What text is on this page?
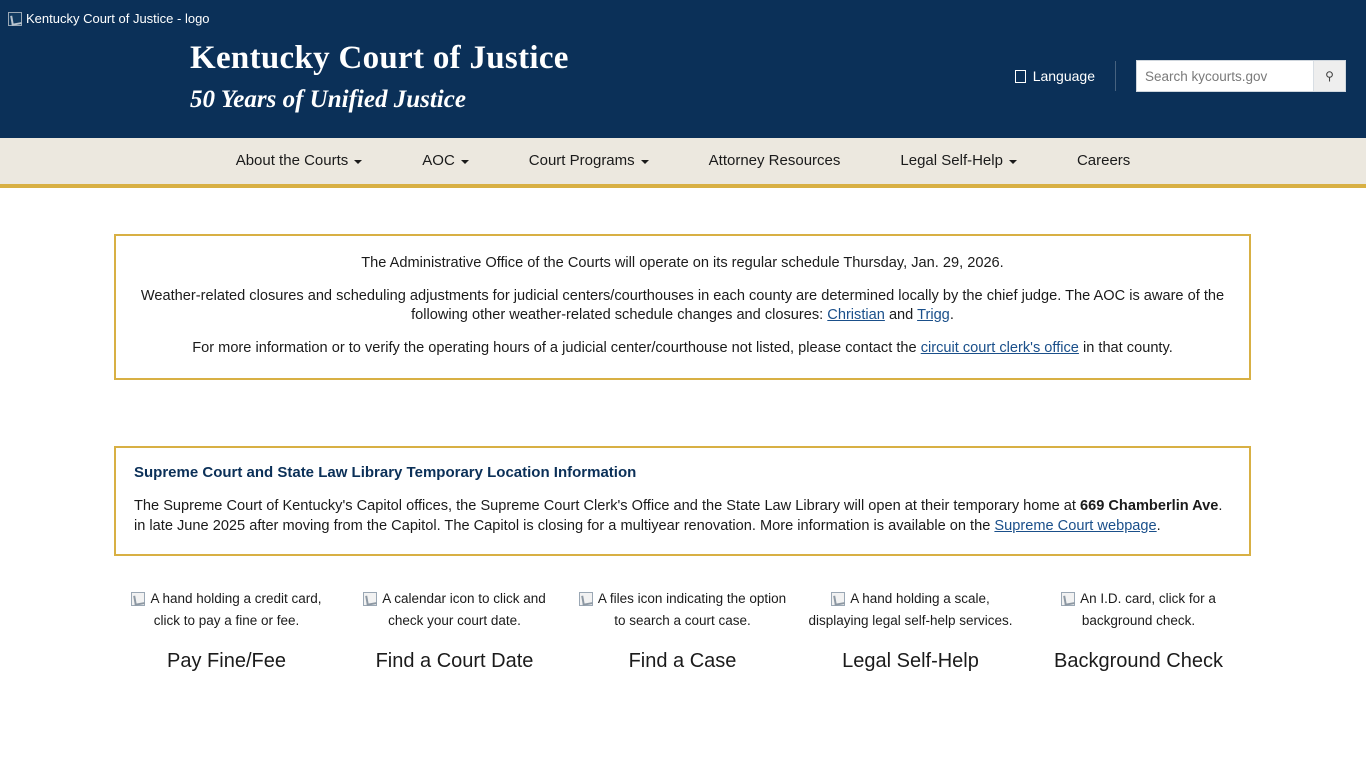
Kentucky Court of Justice - logo
Kentucky Court of Justice
50 Years of Unified Justice
Language
Search kycourts.gov	⚲
About the Courts	AOC	Court Programs	Attorney Resources	Legal Self-Help	Careers

The Administrative Office of the Courts will operate on its regular schedule Thursday, Jan. 29, 2026.

Weather-related closures and scheduling adjustments for judicial centers/courthouses in each county are determined locally by the chief judge. The AOC is aware of the following other weather-related schedule changes and closures: Christian and Trigg.

For more information or to verify the operating hours of a judicial center/courthouse not listed, please contact the circuit court clerk's office in that county.

Supreme Court and State Law Library Temporary Location Information

The Supreme Court of Kentucky's Capitol offices, the Supreme Court Clerk's Office and the State Law Library will open at their temporary home at 669 Chamberlin Ave. in late June 2025 after moving from the Capitol. The Capitol is closing for a multiyear renovation. More information is available on the Supreme Court webpage.

A hand holding a credit card, click to pay a fine or fee.
Pay Fine/Fee
A calendar icon to click and check your court date.
Find a Court Date
A files icon indicating the option to search a court case.
Find a Case
A hand holding a scale, displaying legal self-help services.
Legal Self-Help
An I.D. card, click for a background check.
Background Check
